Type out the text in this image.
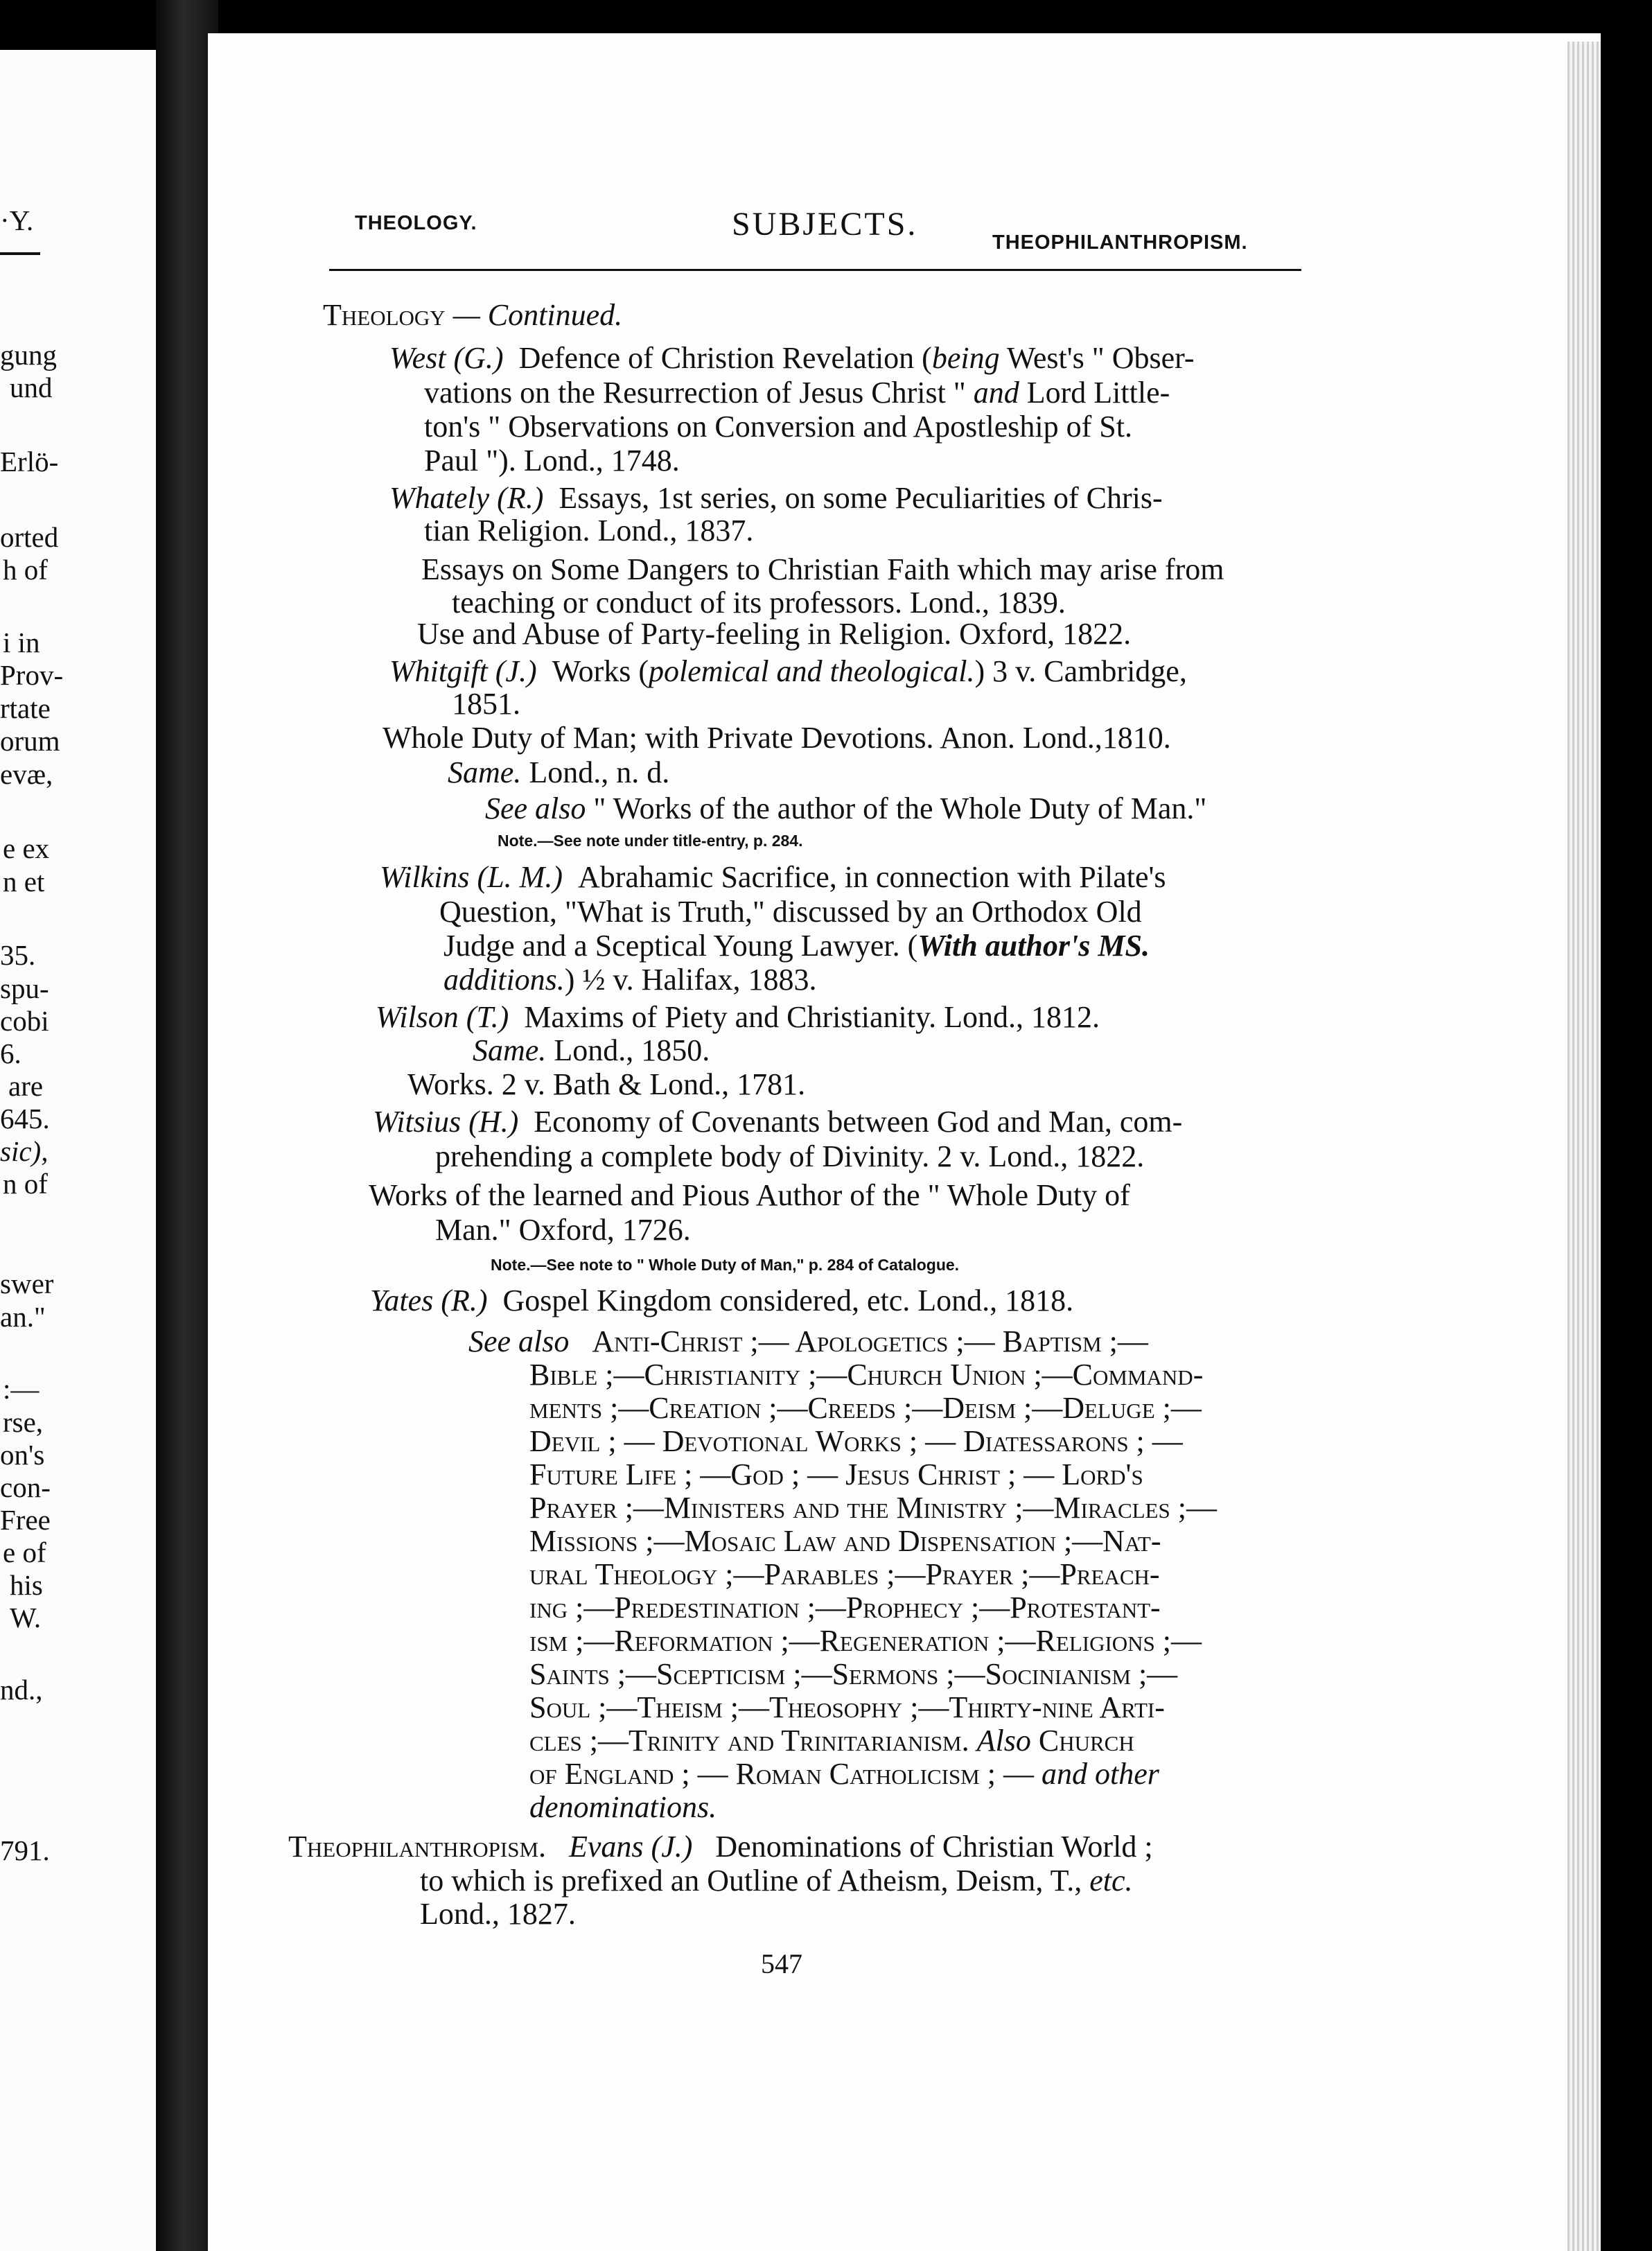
·Y.
gung
und
Erlö-
orted
h of
i in
Prov-
rtate
orum
evæ,
e ex
n et
35.
spu-
cobi
6.
are
645.
sic),
n of
swer
an."
:—
rse,
on's
con-
Free
e of
his
W.
nd.,
791.
THEOLOGY.	SUBJECTS.	THEOPHILANTHROPISM.
Theology — Continued.
West (G.) Defence of Christion Revelation (being West's " Obser-
vations on the Resurrection of Jesus Christ " and Lord Little-
ton's " Observations on Conversion and Apostleship of St.
Paul "). Lond., 1748.
Whately (R.) Essays, 1st series, on some Peculiarities of Chris-
tian Religion. Lond., 1837.
Essays on Some Dangers to Christian Faith which may arise from
teaching or conduct of its professors. Lond., 1839.
Use and Abuse of Party-feeling in Religion. Oxford, 1822.
Whitgift (J.) Works (polemical and theological.) 3 v. Cambridge,
1851.
Whole Duty of Man; with Private Devotions. Anon. Lond.,1810.
Same. Lond., n. d.
See also " Works of the author of the Whole Duty of Man."
Note.—See note under title-entry, p. 284.
Wilkins (L. M.) Abrahamic Sacrifice, in connection with Pilate's
Question, "What is Truth," discussed by an Orthodox Old
Judge and a Sceptical Young Lawyer. (With author's MS.
additions.) ½ v. Halifax, 1883.
Wilson (T.) Maxims of Piety and Christianity. Lond., 1812.
Same. Lond., 1850.
Works. 2 v. Bath & Lond., 1781.
Witsius (H.) Economy of Covenants between God and Man, com-
prehending a complete body of Divinity. 2 v. Lond., 1822.
Works of the learned and Pious Author of the " Whole Duty of
Man." Oxford, 1726.
Note.—See note to " Whole Duty of Man," p. 284 of Catalogue.
Yates (R.) Gospel Kingdom considered, etc. Lond., 1818.
See also Anti-Christ ;— Apologetics ;— Baptism ;—
Bible ;—Christianity ;—Church Union ;—Command-
ments ;—Creation ;—Creeds ;—Deism ;—Deluge ;—
Devil ; — Devotional Works ; — Diatessarons ; —
Future Life ; —God ; — Jesus Christ ; — Lord's
Prayer ;—Ministers and the Ministry ;—Miracles ;—
Missions ;—Mosaic Law and Dispensation ;—Nat-
ural Theology ;—Parables ;—Prayer ;—Preach-
ing ;—Predestination ;—Prophecy ;—Protestant-
ism ;—Reformation ;—Regeneration ;—Religions ;—
Saints ;—Scepticism ;—Sermons ;—Socinianism ;—
Soul ;—Theism ;—Theosophy ;—Thirty-nine Arti-
cles ;—Trinity and Trinitarianism. Also Church
of England ; — Roman Catholicism ; — and other
denominations.
Theophilanthropism. Evans (J.) Denominations of Christian World ;
to which is prefixed an Outline of Atheism, Deism, T., etc.
Lond., 1827.
547
